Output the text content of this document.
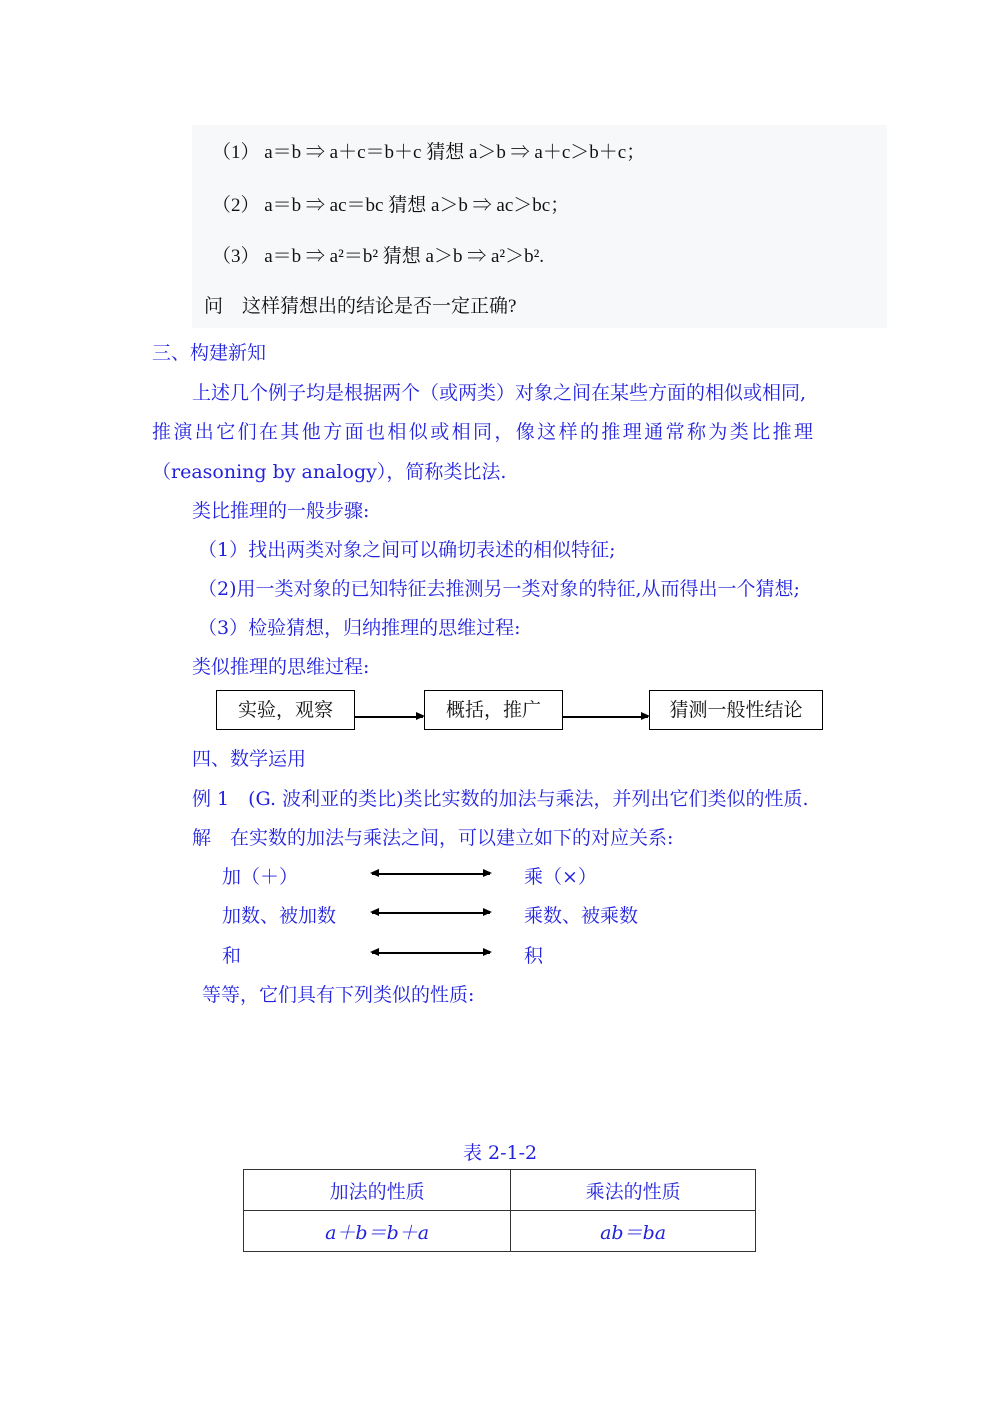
（1） a＝b ⇒ a＋c＝b＋c 猜想 a＞b ⇒ a＋c＞b＋c；
（2） a＝b ⇒ ac＝bc 猜想 a＞b ⇒ ac＞bc；
（3） a＝b ⇒ a²＝b² 猜想 a＞b ⇒ a²＞b².
问　这样猜想出的结论是否一定正确?
三、构建新知
上述几个例子均是根据两个（或两类）对象之间在某些方面的相似或相同,
推演出它们在其他方面也相似或相同，像这样的推理通常称为类比推理
（reasoning by analogy），简称类比法.
类比推理的一般步骤:
（1）找出两类对象之间可以确切表述的相似特征;
（2)用一类对象的已知特征去推测另一类对象的特征,从而得出一个猜想;
（3）检验猜想，归纳推理的思维过程:
类似推理的思维过程:
实验，观察	概括，推广	猜测一般性结论
四、数学运用
例 1　(G. 波利亚的类比)类比实数的加法与乘法，并列出它们类似的性质.
解　在实数的加法与乘法之间，可以建立如下的对应关系:
加（＋）	乘（×）
加数、被加数	乘数、被乘数
和	积
等等，它们具有下列类似的性质:
表 2-1-2
加法的性质	乘法的性质
a＋b＝b＋a	ab＝ba
